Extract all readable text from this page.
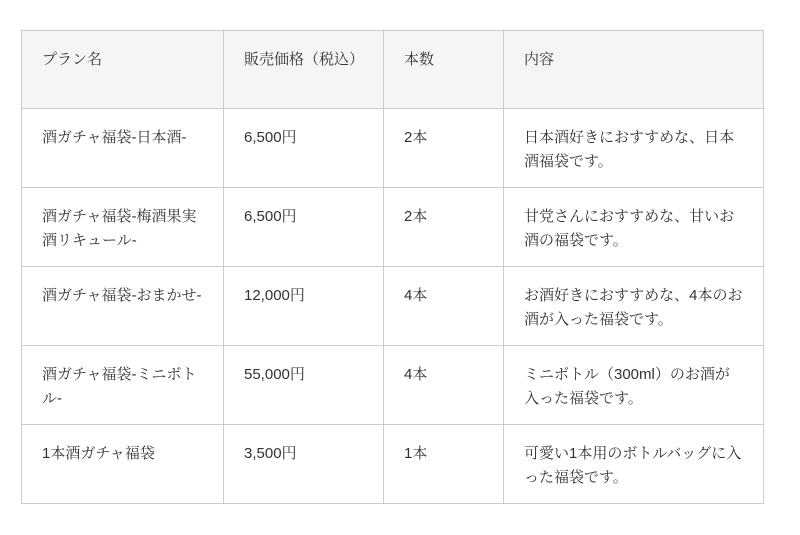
プラン名	販売価格（税込）	本数	内容
酒ガチャ福袋-日本酒-	6,500円	2本	日本酒好きにおすすめな、日本酒福袋です。
酒ガチャ福袋-梅酒果実酒リキュール-	6,500円	2本	甘党さんにおすすめな、甘いお酒の福袋です。
酒ガチャ福袋-おまかせ-	12,000円	4本	お酒好きにおすすめな、4本のお酒が入った福袋です。
酒ガチャ福袋-ミニボトル-	55,000円	4本	ミニボトル（300ml）のお酒が入った福袋です。
1本酒ガチャ福袋	3,500円	1本	可愛い1本用のボトルバッグに入った福袋です。
